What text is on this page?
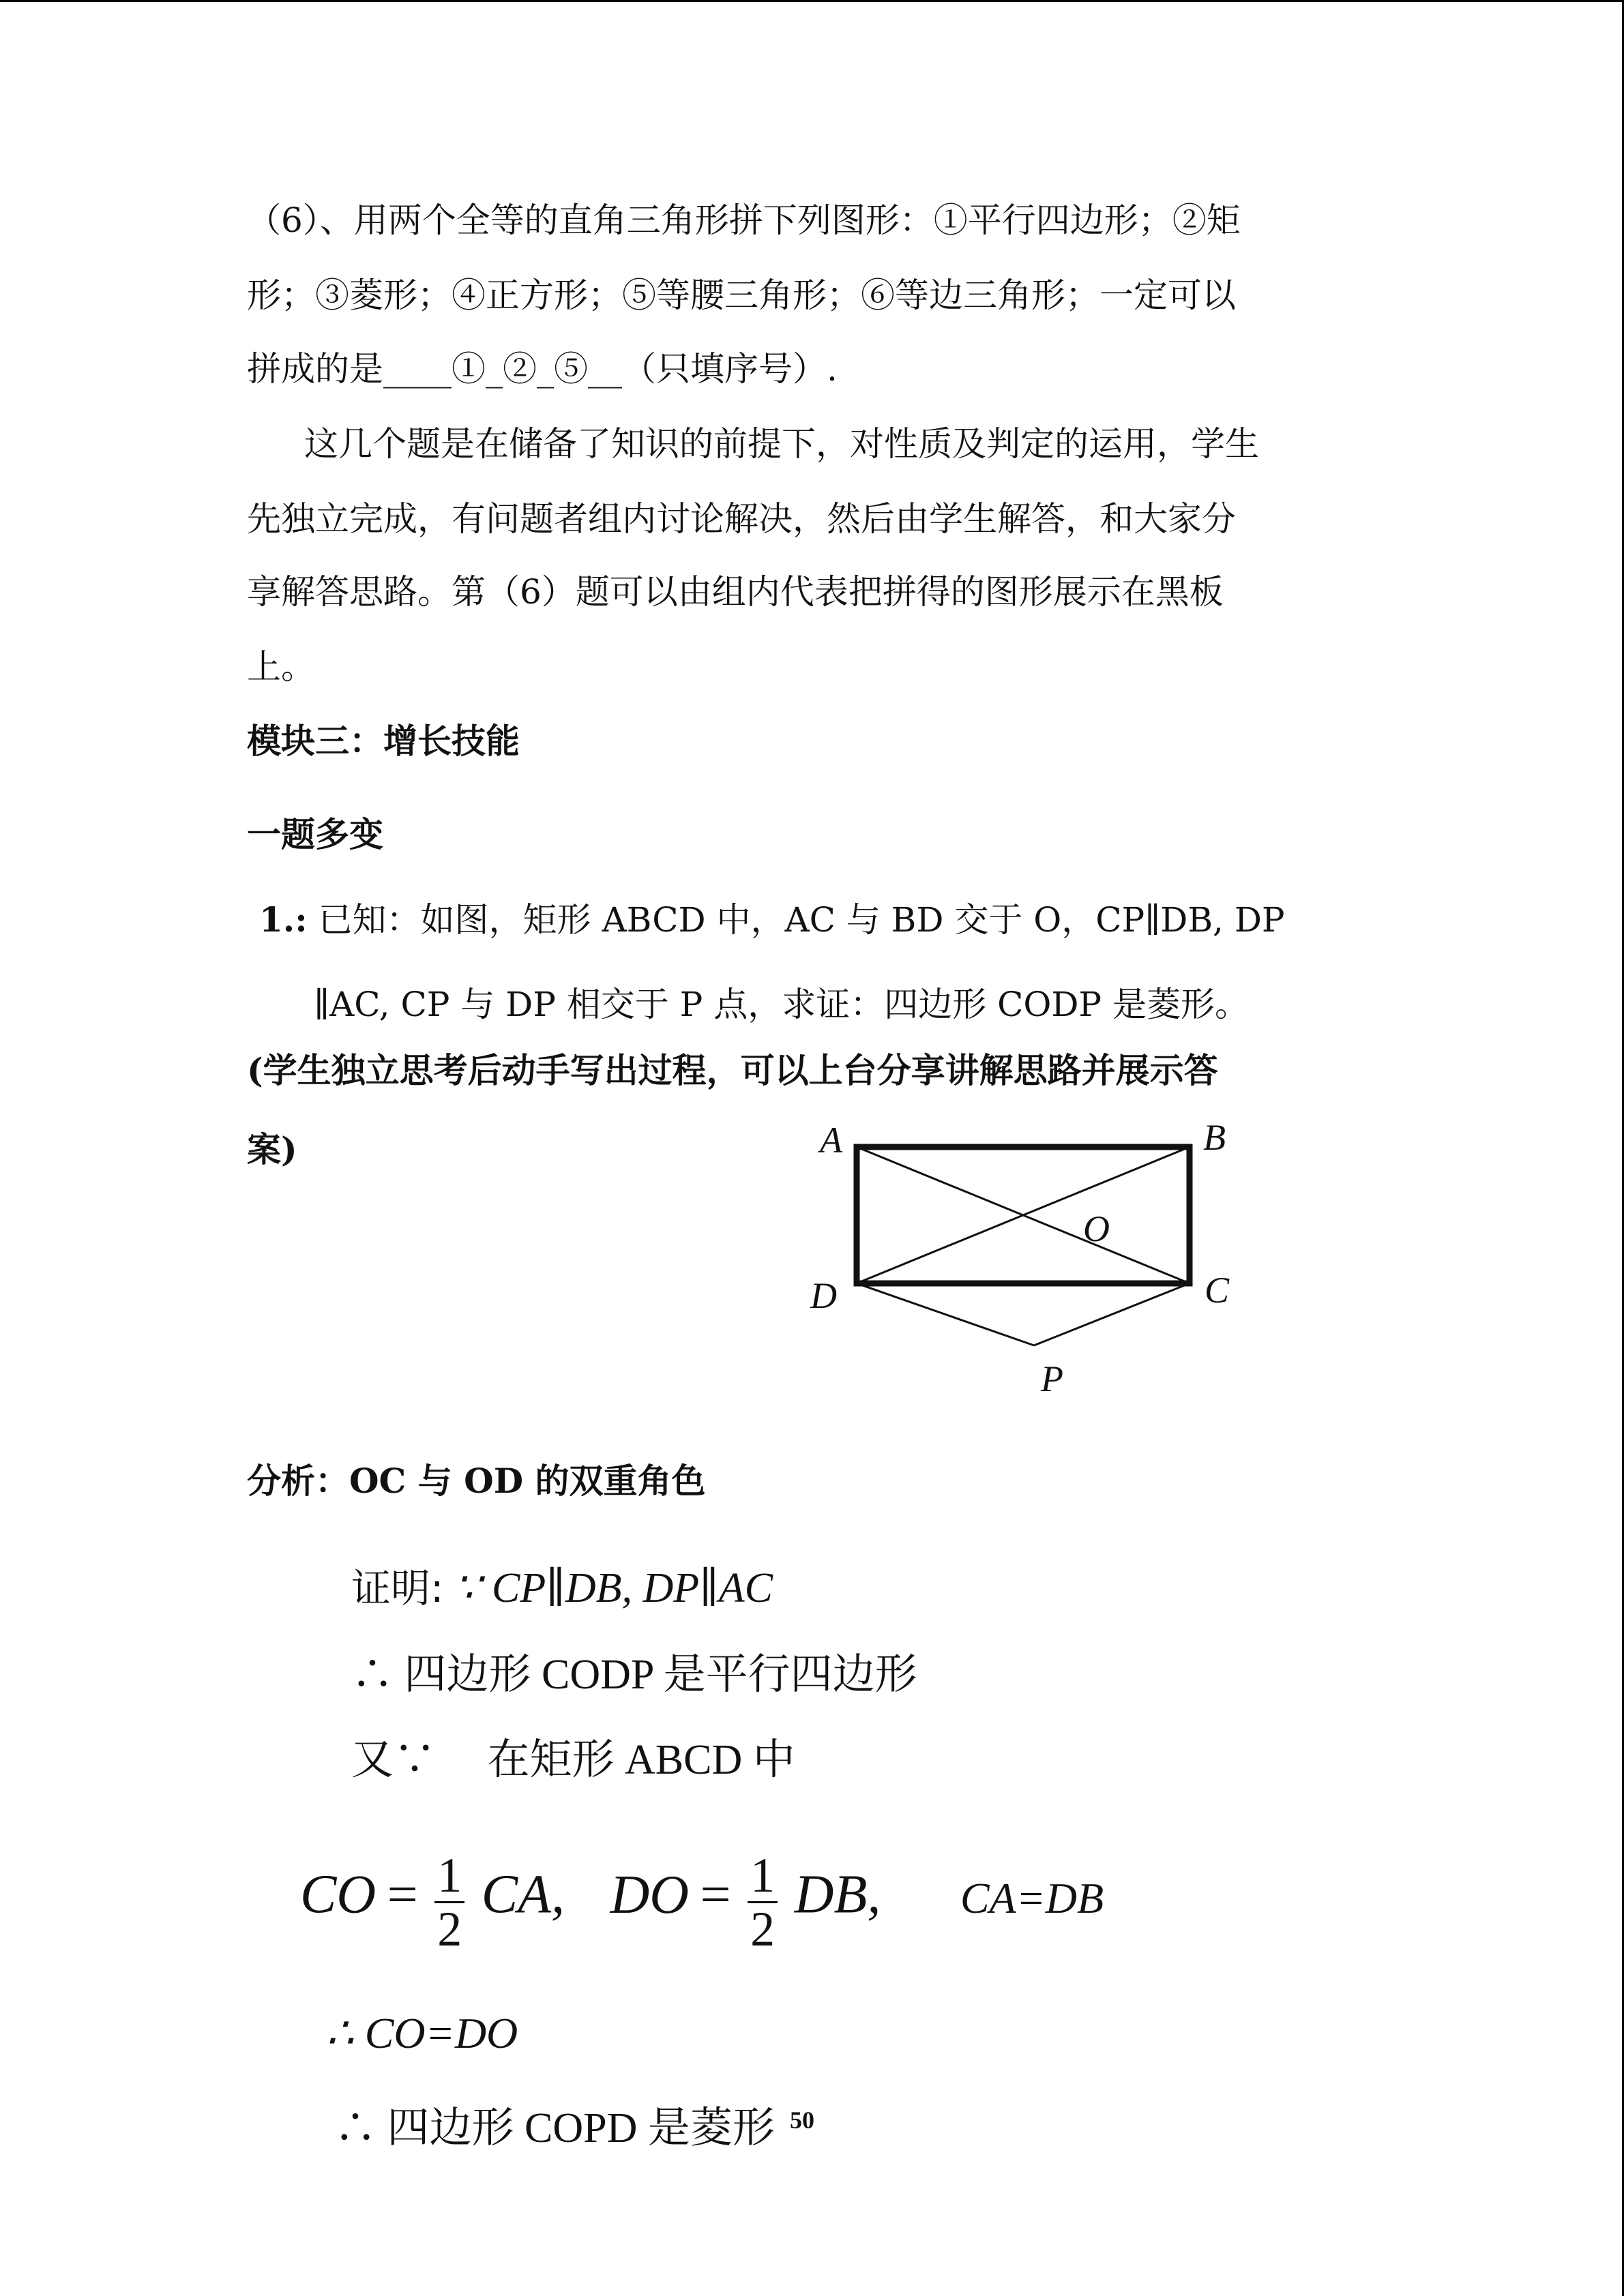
（6）、用两个全等的直角三角形拼下列图形：①平行四边形；②矩
形；③菱形；④正方形；⑤等腰三角形；⑥等边三角形；一定可以
拼成的是____①_②_⑤__（只填序号）.
这几个题是在储备了知识的前提下，对性质及判定的运用，学生
先独立完成，有问题者组内讨论解决，然后由学生解答，和大家分
享解答思路。第（6）题可以由组内代表把拼得的图形展示在黑板
上。
模块三：增长技能
一题多变
1.: 已知：如图，矩形 ABCD 中，AC 与 BD 交于 O，CP∥DB, DP
∥AC, CP 与 DP 相交于 P 点，求证：四边形 CODP 是菱形。
(学生独立思考后动手写出过程，可以上台分享讲解思路并展示答
案)	A	B
C
D
O
P
分析：OC 与 OD 的双重角色
证明: ∵ CP∥DB, DP∥AC
∴ 四边形 CODP 是平行四边形
又∵ 在矩形 ABCD 中
CO = $\frac{1}{2}$ CA, DO = $\frac{1}{2}$ DB, CA=DB
∴ CO=DO
∴ 四边形 COPD 是菱形 50
